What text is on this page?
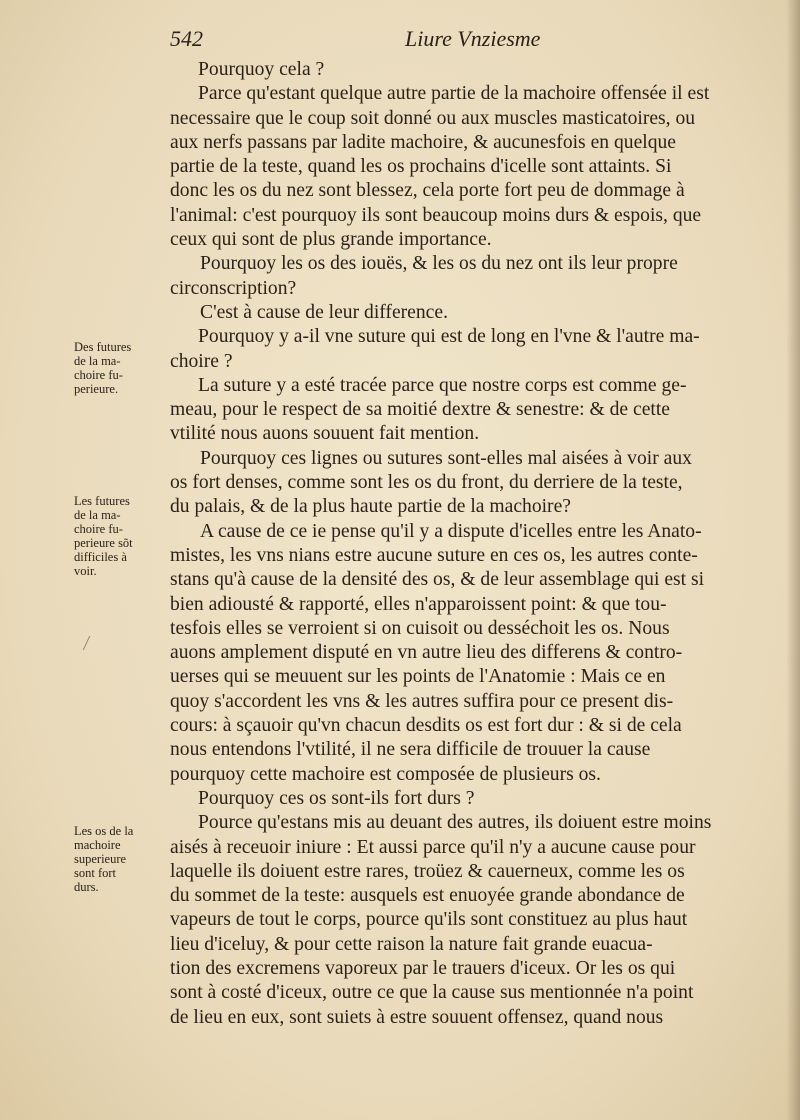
542	Liure Vnziesme
Des futures
de la ma-
choire fu-
perieure.
Les futures
de la ma-
choire fu-
perieure sõt
difficiles à
voir.
Les os de la
machoire
superieure
sont fort
durs.
Pourquoy cela ?
Parce qu'estant quelque autre partie de la machoire offensée il est
necessaire que le coup soit donné ou aux muscles masticatoires, ou
aux nerfs passans par ladite machoire, & aucunesfois en quelque
partie de la teste, quand les os prochains d'icelle sont attaints. Si
donc les os du nez sont blessez, cela porte fort peu de dommage à
l'animal: c'est pourquoy ils sont beaucoup moins durs & espois, que
ceux qui sont de plus grande importance.
Pourquoy les os des iouës, & les os du nez ont ils leur propre
circonscription?
C'est à cause de leur difference.
Pourquoy y a-il vne suture qui est de long en l'vne & l'autre ma-
choire ?
La suture y a esté tracée parce que nostre corps est comme ge-
meau, pour le respect de sa moitié dextre & senestre: & de cette
vtilité nous auons souuent fait mention.
Pourquoy ces lignes ou sutures sont-elles mal aisées à voir aux
os fort denses, comme sont les os du front, du derriere de la teste,
du palais, & de la plus haute partie de la machoire?
A cause de ce ie pense qu'il y a dispute d'icelles entre les Anato-
mistes, les vns nians estre aucune suture en ces os, les autres conte-
stans qu'à cause de la densité des os, & de leur assemblage qui est si
bien adiousté & rapporté, elles n'apparoissent point: & que tou-
tesfois elles se verroient si on cuisoit ou desséchoit les os. Nous
auons amplement disputé en vn autre lieu des differens & contro-
uerses qui se meuuent sur les points de l'Anatomie : Mais ce en
quoy s'accordent les vns & les autres suffira pour ce present dis-
cours: à sçauoir qu'vn chacun desdits os est fort dur : & si de cela
nous entendons l'vtilité, il ne sera difficile de trouuer la cause
pourquoy cette machoire est composée de plusieurs os.
Pourquoy ces os sont-ils fort durs ?
Pource qu'estans mis au deuant des autres, ils doiuent estre moins
aisés à receuoir iniure : Et aussi parce qu'il n'y a aucune cause pour
laquelle ils doiuent estre rares, troüez & cauerneux, comme les os
du sommet de la teste: ausquels est enuoyée grande abondance de
vapeurs de tout le corps, pource qu'ils sont constituez au plus haut
lieu d'iceluy, & pour cette raison la nature fait grande euacua-
tion des excremens vaporeux par le trauers d'iceux. Or les os qui
sont à costé d'iceux, outre ce que la cause sus mentionnée n'a point
de lieu en eux, sont suiets à estre souuent offensez, quand nous
